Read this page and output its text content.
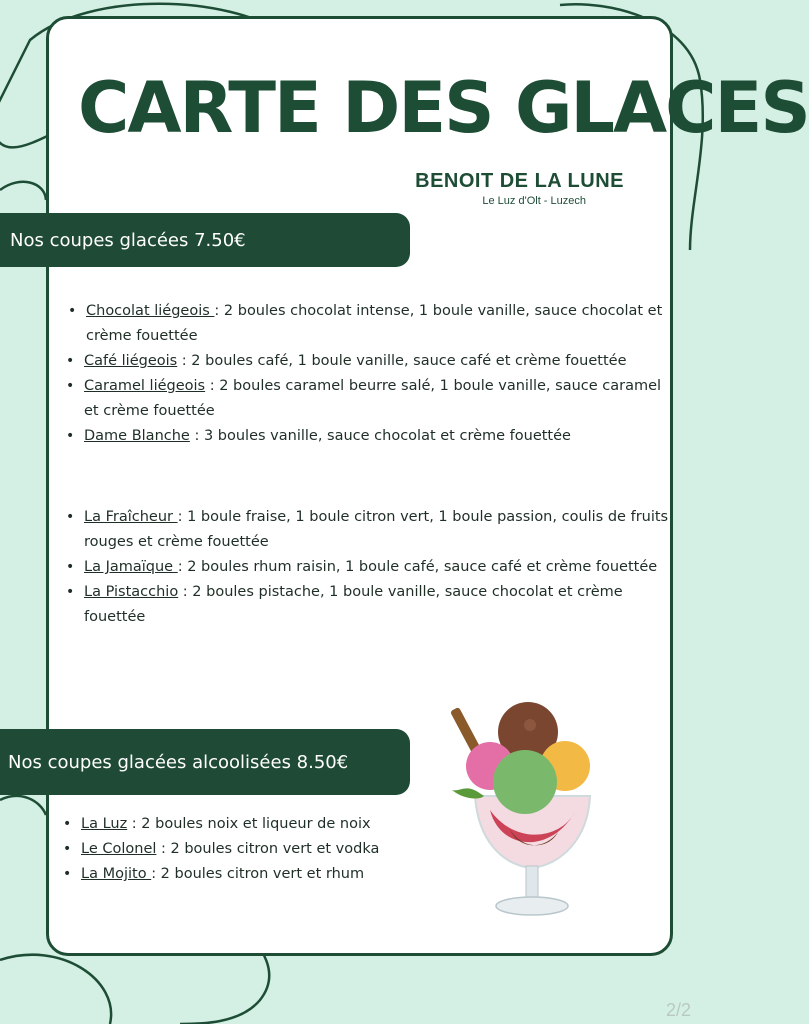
CARTE DES GLACES
BENOIT DE LA LUNE
Le Luz d'Olt - Luzech
Nos coupes glacées 7.50€
• Chocolat liégeois : 2 boules chocolat intense, 1 boule vanille, sauce chocolat et crème fouettée
• Café liégeois : 2 boules café, 1 boule vanille, sauce café et crème fouettée
• Caramel liégeois : 2 boules caramel beurre salé, 1 boule vanille, sauce caramel et crème fouettée
• Dame Blanche : 3 boules vanille, sauce chocolat et crème fouettée
• La Fraîcheur : 1 boule fraise, 1 boule citron vert, 1 boule passion, coulis de fruits rouges et crème fouettée
• La Jamaïque : 2 boules rhum raisin, 1 boule café, sauce café et crème fouettée
• La Pistacchio : 2 boules pistache, 1 boule vanille, sauce chocolat et crème fouettée
Nos coupes glacées alcoolisées 8.50€
• La Luz : 2 boules noix et liqueur de noix
• Le Colonel : 2 boules citron vert et vodka
• La Mojito : 2 boules citron vert et rhum
2/2
